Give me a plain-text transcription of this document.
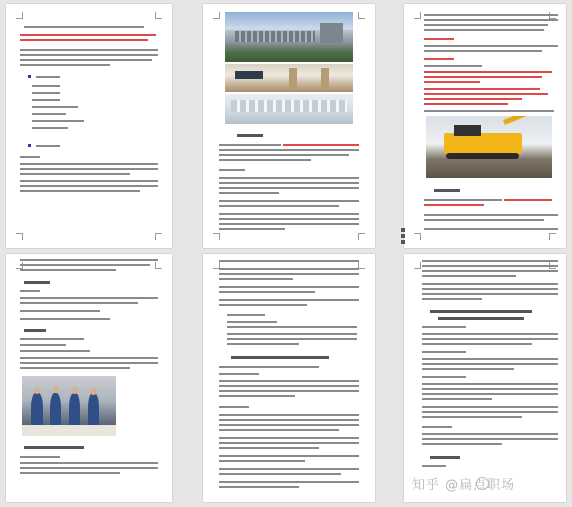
知乎 @扁点职场
